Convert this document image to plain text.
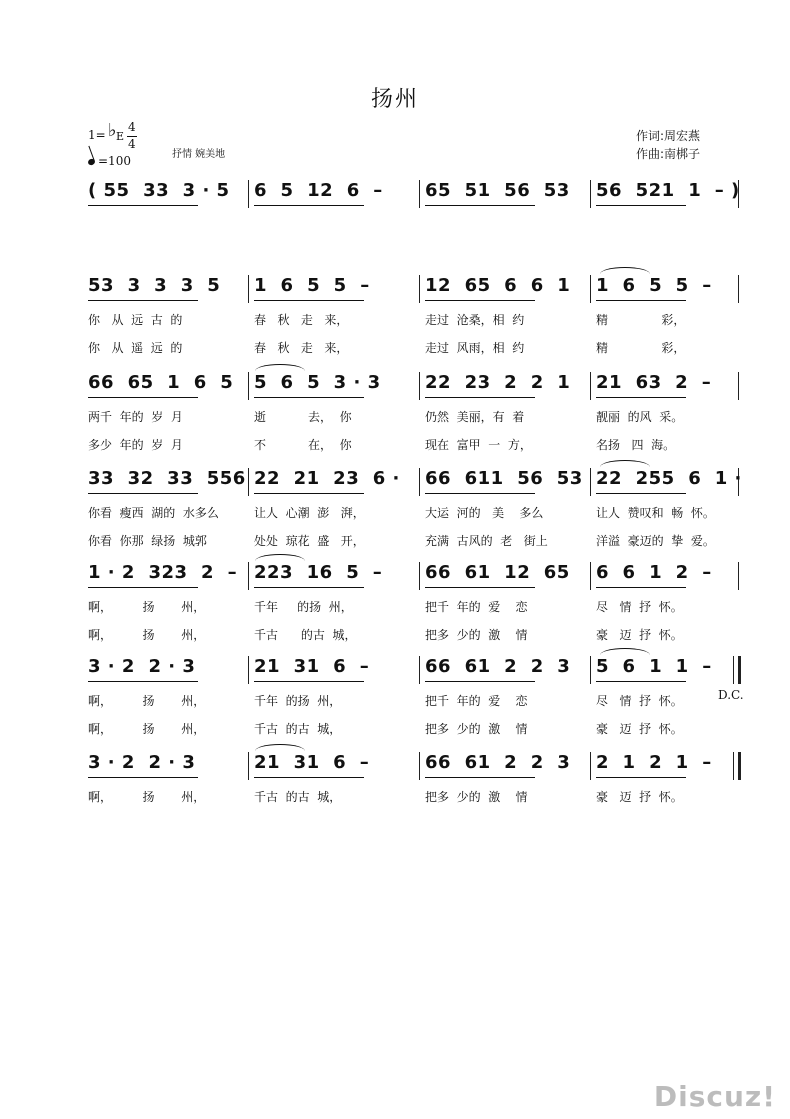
扬州
1= ♭ E
4
4
=100	抒情 婉美地
作词:周宏燕
作曲:南梆子
( 55  33  3 · 5 6  5  12  6  – 65  51  56  53 56  521  1  – )
53  3  3  3  5
你   从  远  古  的
你   从  遥  远  的
1  6  5  5  –
春   秋   走   来，
春   秋   走   来，
12  65  6  6  1
走过  沧桑，相  约
走过  风雨，相  约
1  6  5  5  –
精              彩，
精              彩，
66  65  1  6  5
两千  年的  岁  月
多少  年的  岁  月
5  6  5  3 · 3
逝           去，  你
不           在，  你
22  23  2  2  1
仍然  美丽，有  着
现在  富甲  一  方，
21  63  2  –
靓丽  的风  采。
名扬   四  海。
33  32  33  556
你看  瘦西  湖的  水多么
你看  你那  绿扬  城郭
22  21  23  6 ·
让人  心潮  澎   湃，
处处  琼花  盛   开，
66  611  56  53
大运  河的   美    多么
充满  古风的  老   街上
22  255  6  1 ·
让人  赞叹和  畅  怀。
洋溢  豪迈的  挚  爱。
1 · 2  323  2  –
啊，        扬       州，
啊，        扬       州，
223  16  5  –
千年     的扬  州，
千古      的古  城，
66  61  12  65
把千  年的  爱    恋
把多  少的  激    情
6  6  1  2  –
尽   情  抒  怀。
豪   迈  抒  怀。
3 · 2  2 · 3
啊，        扬       州，
啊，        扬       州，
21  31  6  –
千年  的扬  州，
千古  的古  城，
66  61  2  2  3
把千  年的  爱    恋
把多  少的  激    情
5  6  1  1  –
尽   情  抒  怀。
豪   迈  抒  怀。
3 · 2  2 · 3
啊，        扬       州，
21  31  6  –
千古  的古  城，
66  61  2  2  3
把多  少的  激    情
2  1  2  1  –
豪   迈  抒  怀。
D.C.
Discuz!
